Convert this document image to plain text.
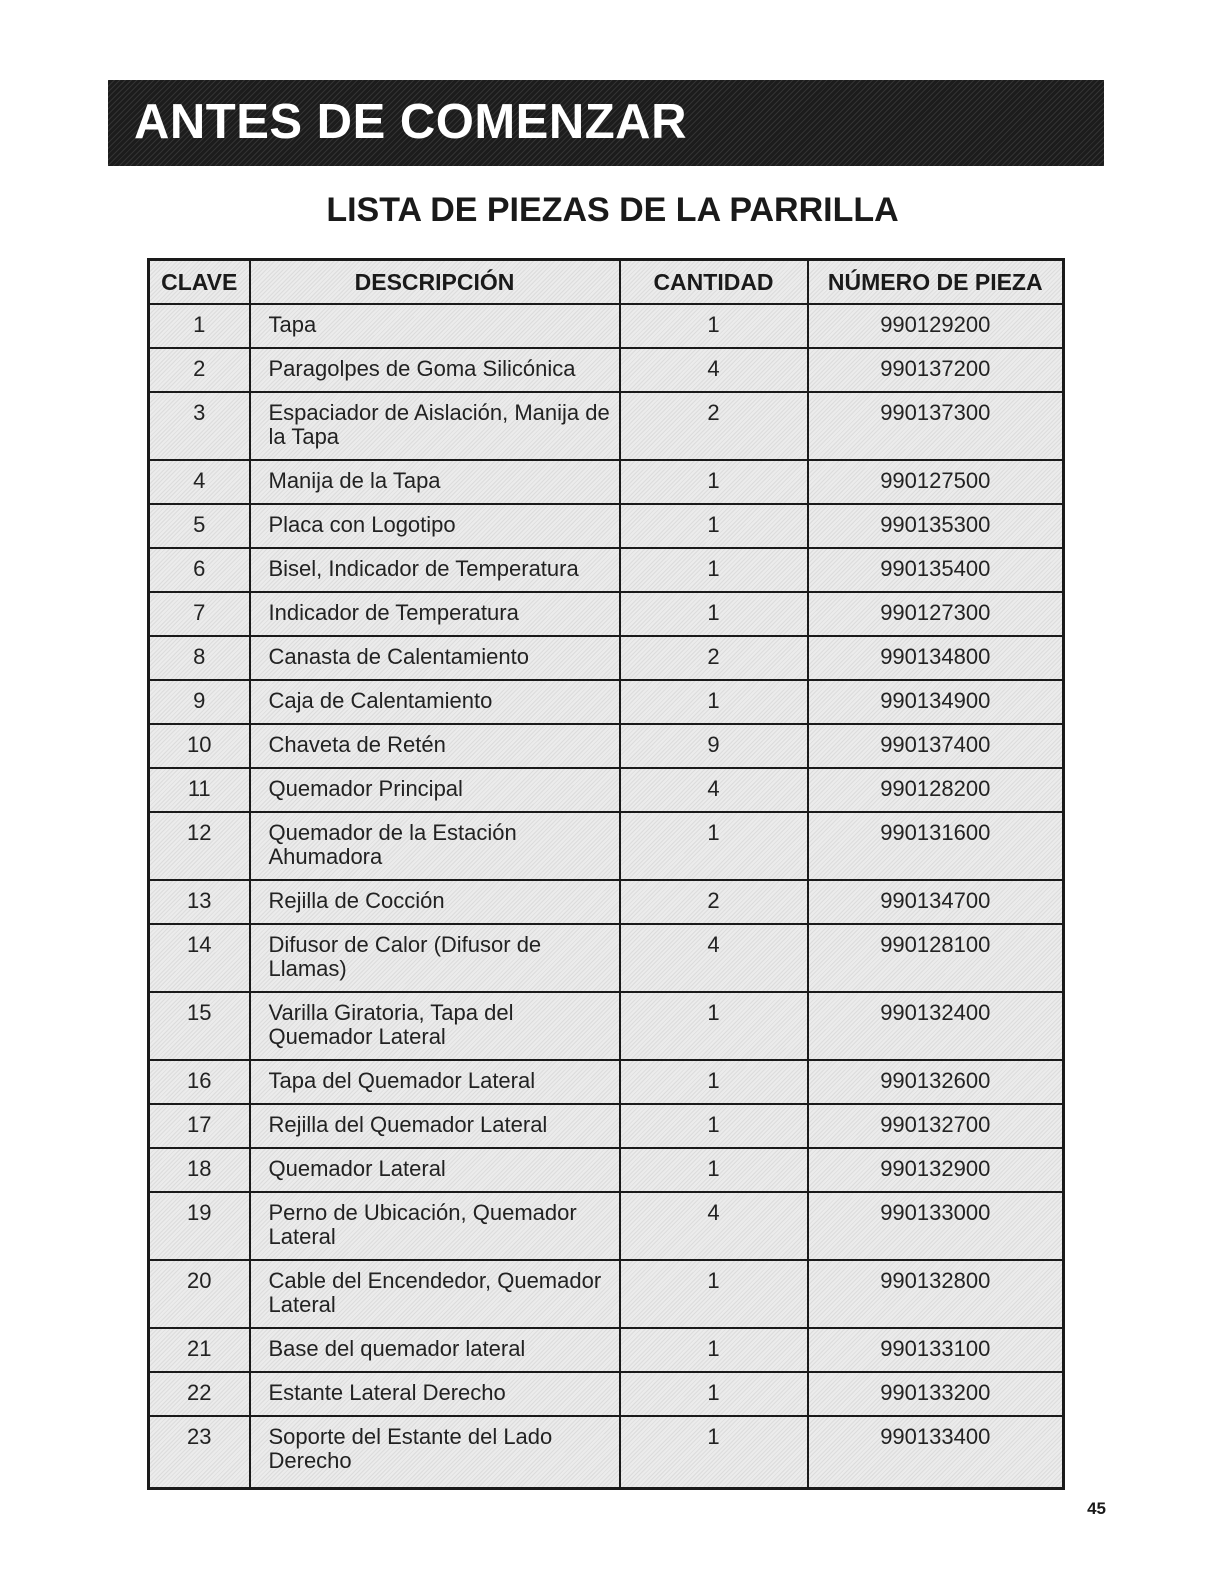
ANTES DE COMENZAR
LISTA DE PIEZAS DE LA PARRILLA
CLAVE	DESCRIPCIÓN	CANTIDAD	NÚMERO DE PIEZA
1	Tapa	1	990129200
2	Paragolpes de Goma Silicónica	4	990137200
3	Espaciador de Aislación, Manija de la Tapa	2	990137300
4	Manija de la Tapa	1	990127500
5	Placa con Logotipo	1	990135300
6	Bisel, Indicador de Temperatura	1	990135400
7	Indicador de Temperatura	1	990127300
8	Canasta de Calentamiento	2	990134800
9	Caja de Calentamiento	1	990134900
10	Chaveta de Retén	9	990137400
11	Quemador Principal	4	990128200
12	Quemador de la Estación Ahumadora	1	990131600
13	Rejilla de Cocción	2	990134700
14	Difusor de Calor (Difusor de Llamas)	4	990128100
15	Varilla Giratoria, Tapa del Quemador Lateral	1	990132400
16	Tapa del Quemador Lateral	1	990132600
17	Rejilla del Quemador Lateral	1	990132700
18	Quemador Lateral	1	990132900
19	Perno de Ubicación, Quemador Lateral	4	990133000
20	Cable del Encendedor, Quemador Lateral	1	990132800
21	Base del quemador lateral	1	990133100
22	Estante Lateral Derecho	1	990133200
23	Soporte del Estante del Lado Derecho	1	990133400
45
